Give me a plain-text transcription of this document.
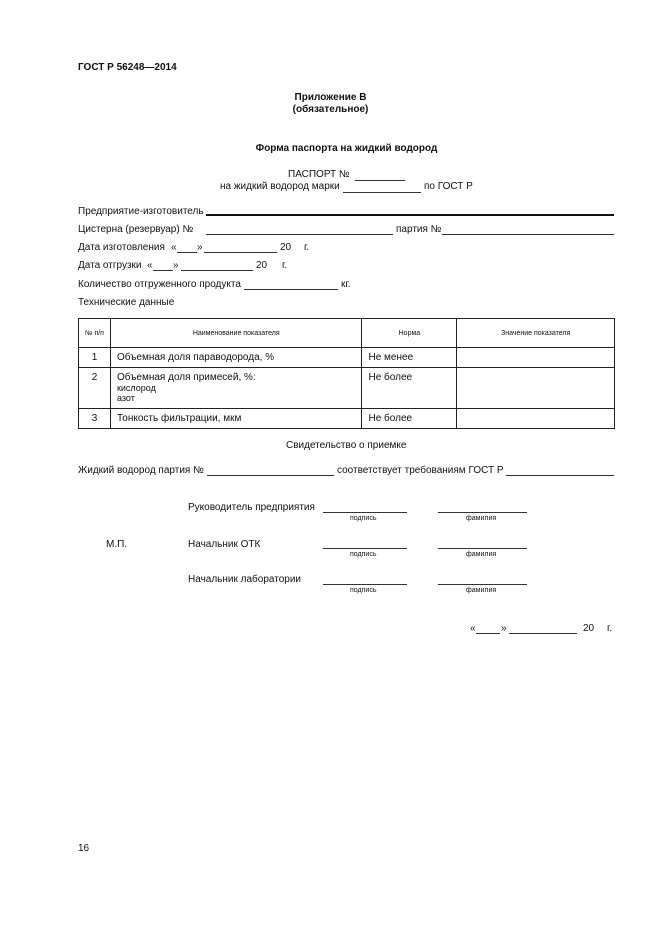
ГОСТ Р 56248—2014
Приложение В
(обязательное)
Форма паспорта на жидкий водород
ПАСПОРТ №
на жидкий водород марки	по ГОСТ Р
Предприятие-изготовитель
Цистерна (резервуар) №	партия №
Дата изготовления « »	20 г.
Дата отгрузки « »	20 г.
Количество отгруженного продукта	кг.
Технические данные
№ п/п	Наименование показателя	Норма	Значение показателя

1	Объемная доля параводорода, %	Не менее	

2	Объемная доля примесей, %:
кислород
азот	Не более	

3	Тонкость фильтрации, мкм	Не более	

Свидетельство о приемке
Жидкий водород партия №	соответствует требованиям ГОСТ Р
Руководитель предприятия
подпись	фамилия
М.П.	Начальник ОТК
подпись	фамилия
Начальник лаборатории
подпись	фамилия
«	»	20 г.
16
